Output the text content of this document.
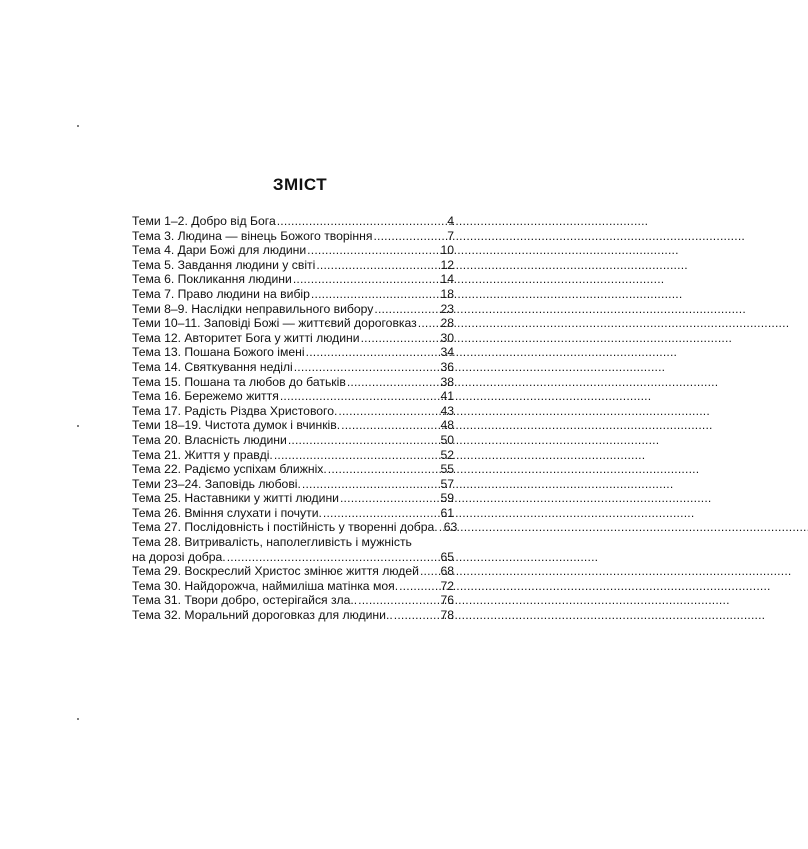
ЗМІСТ
Теми 1–2. Добро від Бога . . .	4
Тема 3. Людина — вінець Божого творіння . . .	7
Тема 4. Дари Божі для людини . . .	10
Тема 5. Завдання людини у світі . . .	12
Тема 6. Покликання людини . . .	14
Тема 7. Право людини на вибір . . .	18
Теми 8–9. Наслідки неправильного вибору . . .	23
Теми 10–11. Заповіді Божі — життєвий дороговказ . . . 28
Тема 12. Авторитет Бога у житті людини . . .	30
Тема 13. Пошана Божого імені . . .	34
Тема 14. Святкування неділі . . .	36
Тема 15. Пошана та любов до батьків . . .	38
Тема 16. Бережемо життя . . .	41
Тема 17. Радість Різдва Христового. . . .	43
Теми 18–19. Чистота думок і вчинків. . . .	48
Тема 20. Власність людини . . .	50
Тема 21. Життя у правді. . . .	52
Тема 22. Радіємо успіхам ближніх. . . .	55
Теми 23–24. Заповідь любові. . . .	57
Тема 25. Наставники у житті людини . . .	59
Тема 26. Вміння слухати і почути. . . .	61
Тема 27. Послідовність і постійність у творенні добра. . . . 63
Тема 28. Витривалість, наполегливість і мужність
на дорозі добра. . . .	65
Тема 29. Воскреслий Христос змінює життя людей . . . 68
Тема 30. Найдорожча, наймиліша матінка моя. . . .	72
Тема 31. Твори добро, остерігайся зла.. . . .	76
Тема 32. Моральний дороговказ для людини.. . . .	78
